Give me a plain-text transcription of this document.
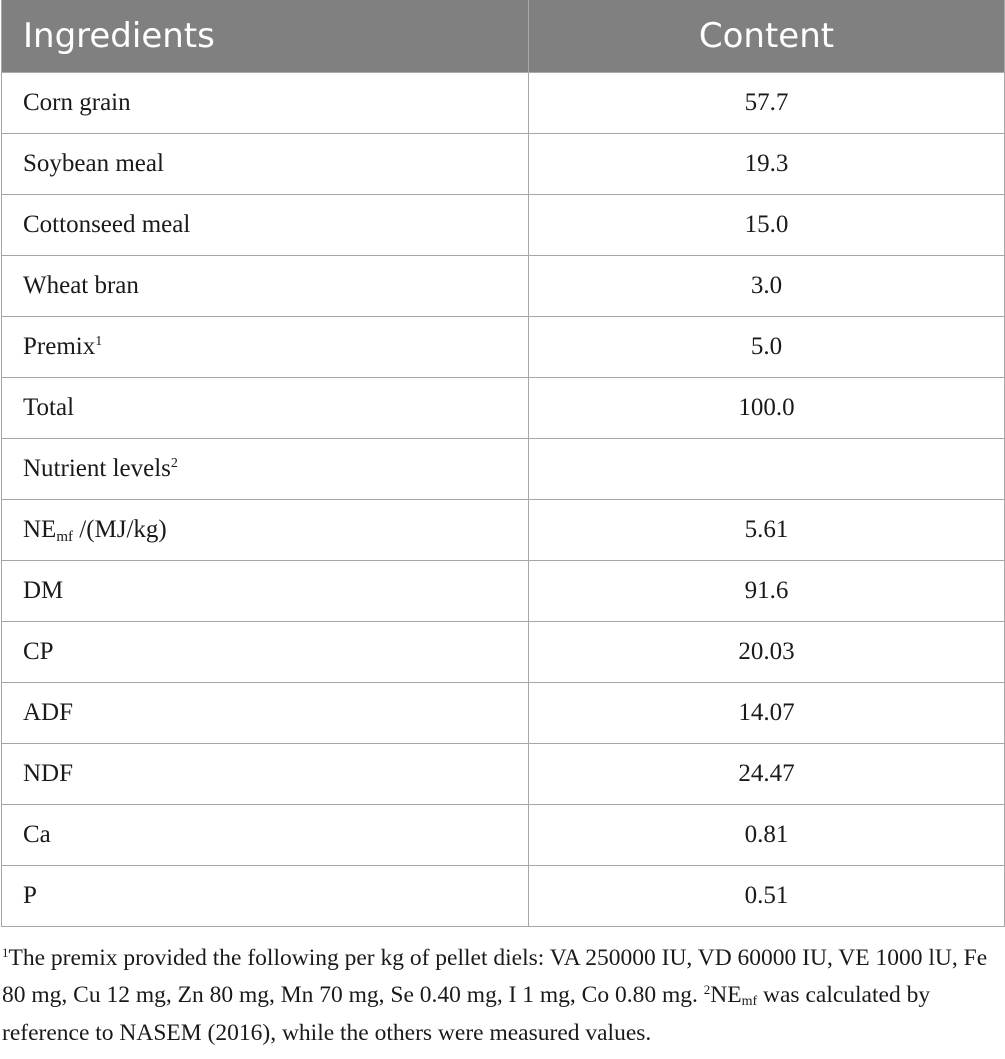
Ingredients	Content
Corn grain	57.7
Soybean meal	19.3
Cottonseed meal	15.0
Wheat bran	3.0
Premix$^1$	5.0
Total	100.0
Nutrient levels$^2$	
$NE_{mf}$ /(MJ/kg)	5.61
DM	91.6
CP	20.03
ADF	14.07
NDF	24.47
Ca	0.81
P	0.51

$^1$The premix provided the following per kg of pellet diels: VA 250000 IU, VD 60000 IU, VE 1000 lU, Fe 80 mg, Cu 12 mg, Zn 80 mg, Mn 70 mg, Se 0.40 mg, I 1 mg, Co 0.80 mg. $^2NE_{mf}$ was calculated by reference to NASEM (2016), while the others were measured values.
